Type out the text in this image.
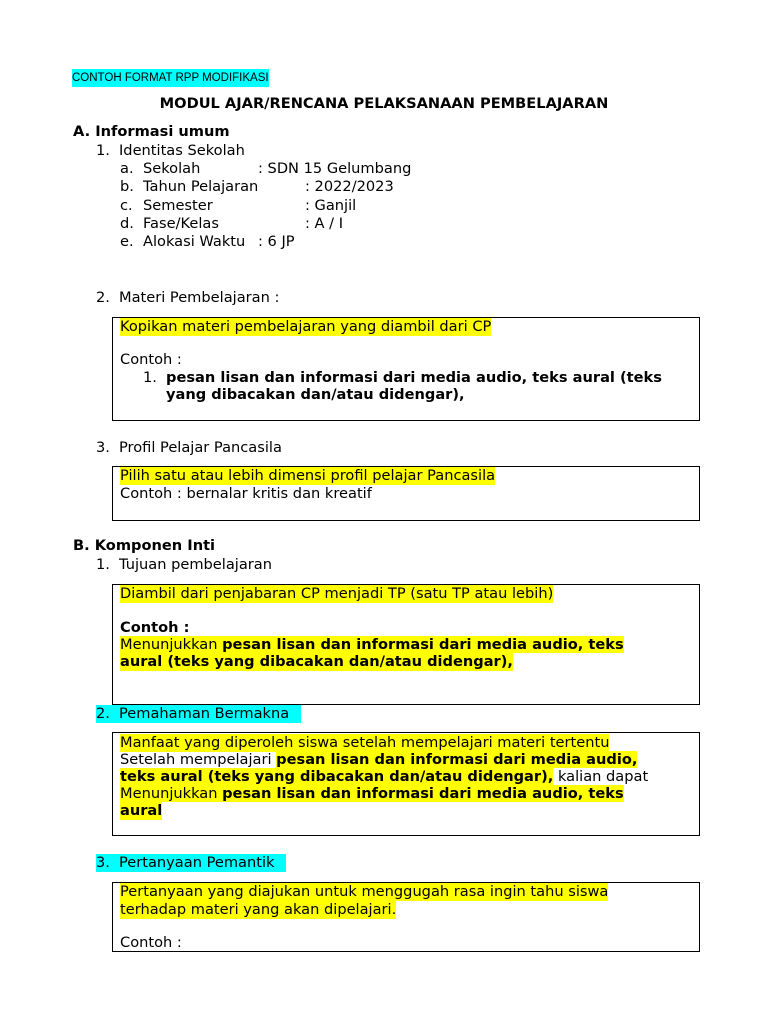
CONTOH FORMAT RPP MODIFIKASI
MODUL AJAR/RENCANA PELAKSANAAN PEMBELAJARAN
A. Informasi umum
1. Identitas Sekolah
a. Sekolah	: SDN 15 Gelumbang
b. Tahun Pelajaran	: 2022/2023
c. Semester	: Ganjil
d. Fase/Kelas	: A / I
e. Alokasi Waktu : 6 JP
2. Materi Pembelajaran :
Kopikan materi pembelajaran yang diambil dari CP
Contoh :
1. pesan lisan dan informasi dari media audio, teks aural (teks
yang dibacakan dan/atau didengar),
3. Profil Pelajar Pancasila
Pilih satu atau lebih dimensi profil pelajar Pancasila
Contoh : bernalar kritis dan kreatif
B. Komponen Inti
1. Tujuan pembelajaran
Diambil dari penjabaran CP menjadi TP (satu TP atau lebih)
Contoh :
Menunjukkan pesan lisan dan informasi dari media audio, teks
aural (teks yang dibacakan dan/atau didengar),
2. Pemahaman Bermakna
Manfaat yang diperoleh siswa setelah mempelajari materi tertentu
Setelah mempelajari pesan lisan dan informasi dari media audio,
teks aural (teks yang dibacakan dan/atau didengar), kalian dapat
Menunjukkan pesan lisan dan informasi dari media audio, teks
aural
3. Pertanyaan Pemantik
Pertanyaan yang diajukan untuk menggugah rasa ingin tahu siswa
terhadap materi yang akan dipelajari.
Contoh :
